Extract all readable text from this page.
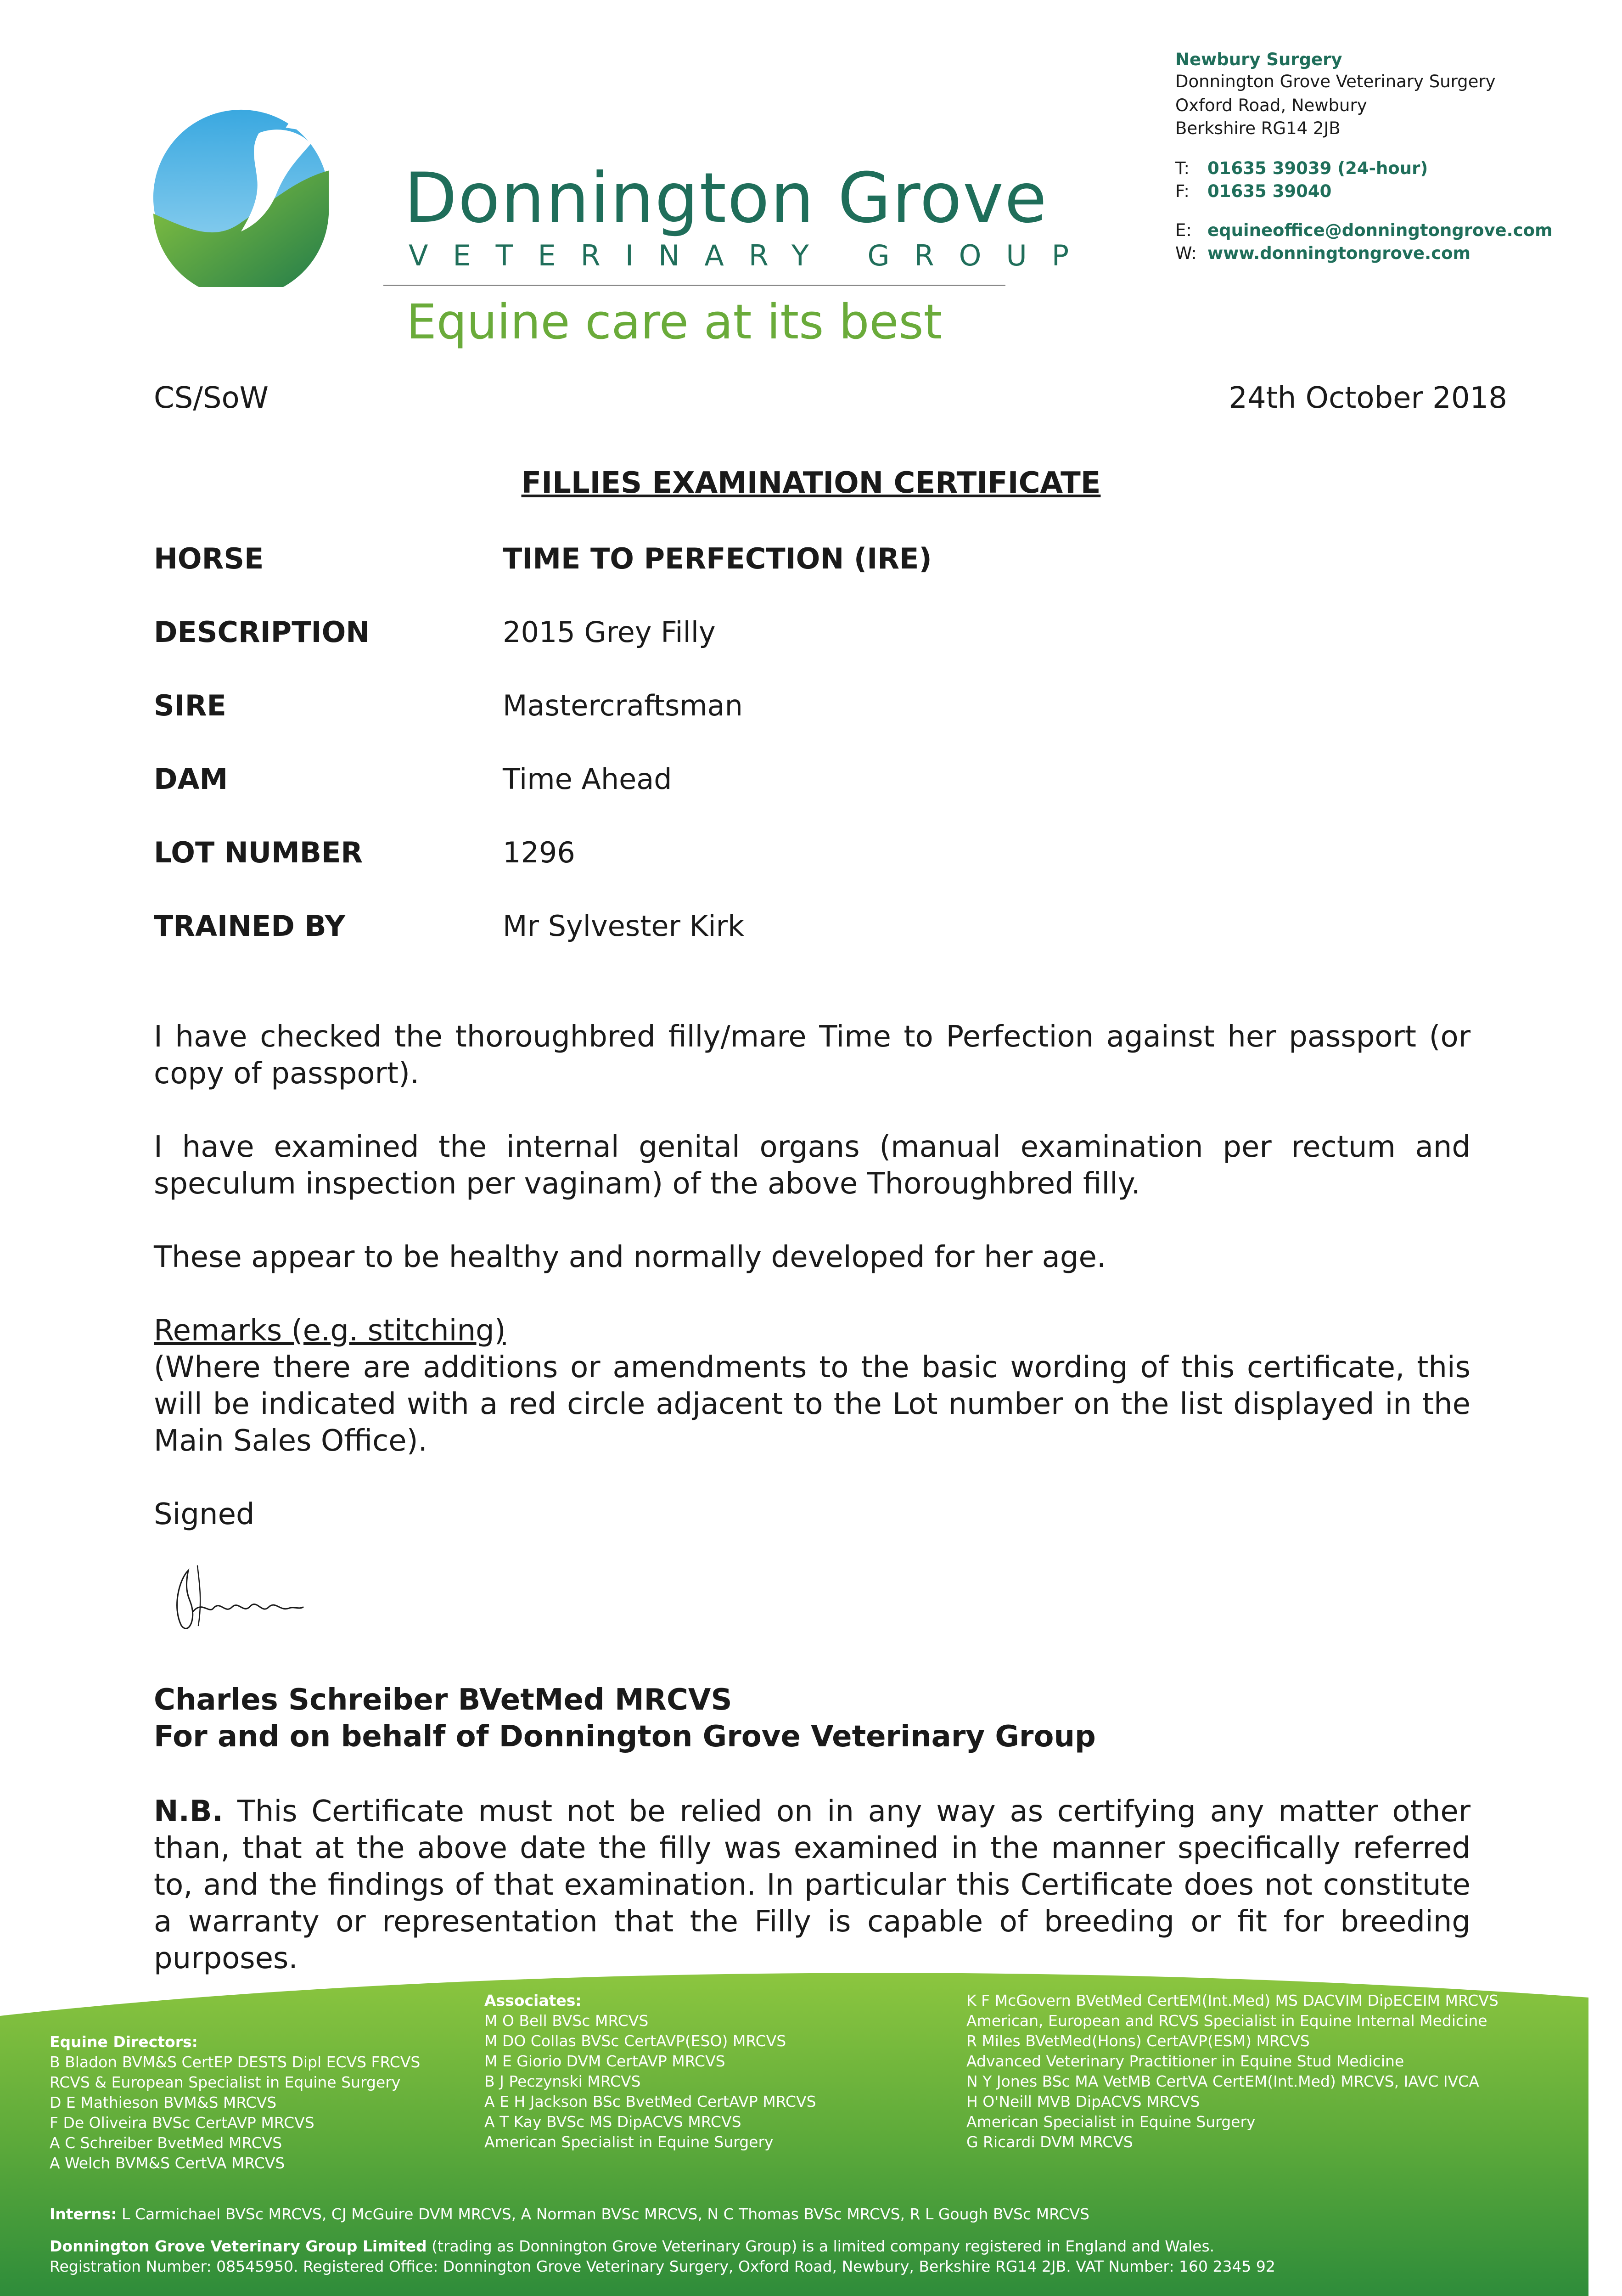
Donnington Grove
VETERINARY GROUP
Equine care at its best
Newbury Surgery
Donnington Grove Veterinary Surgery
Oxford Road, Newbury
Berkshire RG14 2JB
T: 01635 39039 (24-hour)
F: 01635 39040
E: equineoffice@donningtongrove.com
W: www.donningtongrove.com
CS/SoW	24th October 2018
FILLIES EXAMINATION CERTIFICATE
HORSE	TIME TO PERFECTION (IRE)
DESCRIPTION	2015 Grey Filly
SIRE	Mastercraftsman
DAM	Time Ahead
LOT NUMBER	1296
TRAINED BY	Mr Sylvester Kirk
I have checked the thoroughbred filly/mare Time to Perfection against her passport (or copy of passport).
I have examined the internal genital organs (manual examination per rectum and speculum inspection per vaginam) of the above Thoroughbred filly.
These appear to be healthy and normally developed for her age.
Remarks (e.g. stitching)
(Where there are additions or amendments to the basic wording of this certificate, this will be indicated with a red circle adjacent to the Lot number on the list displayed in the Main Sales Office).
Signed
Charles Schreiber BVetMed MRCVS
For and on behalf of Donnington Grove Veterinary Group
N.B. This Certificate must not be relied on in any way as certifying any matter other than, that at the above date the filly was examined in the manner specifically referred to, and the findings of that examination. In particular this Certificate does not constitute a warranty or representation that the Filly is capable of breeding or fit for breeding purposes.
Equine Directors:
B Bladon BVM&S CertEP DESTS Dipl ECVS FRCVS
RCVS & European Specialist in Equine Surgery
D E Mathieson BVM&S MRCVS
F De Oliveira BVSc CertAVP MRCVS
A C Schreiber BvetMed MRCVS
A Welch BVM&S CertVA MRCVS
Associates:
M O Bell BVSc MRCVS
M DO Collas BVSc CertAVP(ESO) MRCVS
M E Giorio DVM CertAVP MRCVS
B J Peczynski MRCVS
A E H Jackson BSc BvetMed CertAVP MRCVS
A T Kay BVSc MS DipACVS MRCVS
American Specialist in Equine Surgery
K F McGovern BVetMed CertEM(Int.Med) MS DACVIM DipECEIM MRCVS
American, European and RCVS Specialist in Equine Internal Medicine
R Miles BVetMed(Hons) CertAVP(ESM) MRCVS
Advanced Veterinary Practitioner in Equine Stud Medicine
N Y Jones BSc MA VetMB CertVA CertEM(Int.Med) MRCVS, IAVC IVCA
H O'Neill MVB DipACVS MRCVS
American Specialist in Equine Surgery
G Ricardi DVM MRCVS
Interns: L Carmichael BVSc MRCVS, CJ McGuire DVM MRCVS, A Norman BVSc MRCVS, N C Thomas BVSc MRCVS, R L Gough BVSc MRCVS
Donnington Grove Veterinary Group Limited (trading as Donnington Grove Veterinary Group) is a limited company registered in England and Wales.
Registration Number: 08545950. Registered Office: Donnington Grove Veterinary Surgery, Oxford Road, Newbury, Berkshire RG14 2JB. VAT Number: 160 2345 92
